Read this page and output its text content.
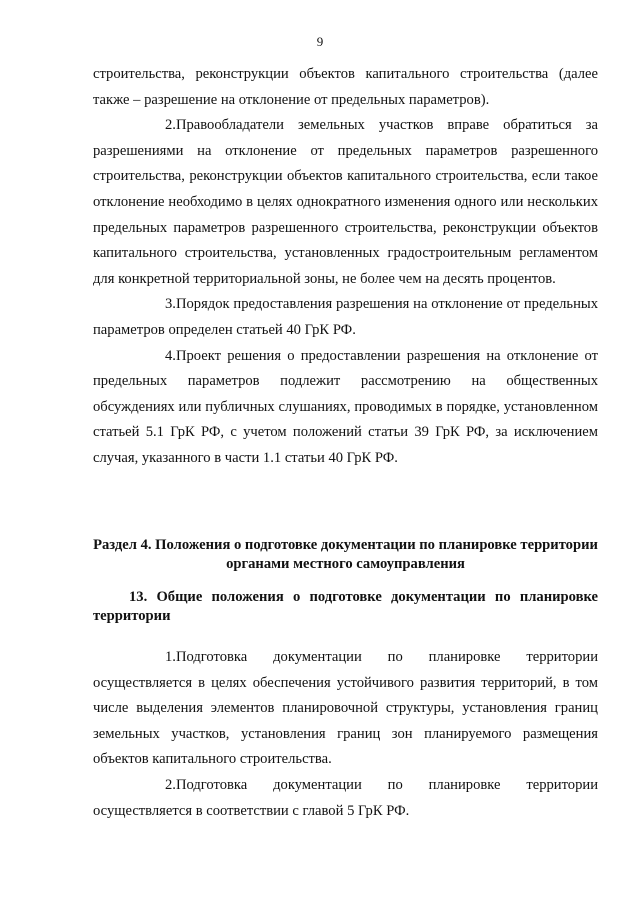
9

строительства, реконструкции объектов капитального строительства (далее также – разрешение на отклонение от предельных параметров).

2.Правообладатели земельных участков вправе обратиться за разрешениями на отклонение от предельных параметров разрешенного строительства, реконструкции объектов капитального строительства, если такое отклонение необходимо в целях однократного изменения одного или нескольких предельных параметров разрешенного строительства, реконструкции объектов капитального строительства, установленных градостроительным регламентом для конкретной территориальной зоны, не более чем на десять процентов.

3.Порядок предоставления разрешения на отклонение от предельных параметров определен статьей 40 ГрК РФ.

4.Проект решения о предоставлении разрешения на отклонение от предельных параметров подлежит рассмотрению на общественных обсуждениях или публичных слушаниях, проводимых в порядке, установленном статьей 5.1 ГрК РФ, с учетом положений статьи 39 ГрК РФ, за исключением случая, указанного в части 1.1 статьи 40 ГрК РФ.

Раздел 4. Положения о подготовке документации по планировке территории органами местного самоуправления
13. Общие положения о подготовке документации по планировке территории

1.Подготовка документации по планировке территории осуществляется в целях обеспечения устойчивого развития территорий, в том числе выделения элементов планировочной структуры, установления границ земельных участков, установления границ зон планируемого размещения объектов капитального строительства.

2.Подготовка документации по планировке территории осуществляется в соответствии с главой 5 ГрК РФ.
